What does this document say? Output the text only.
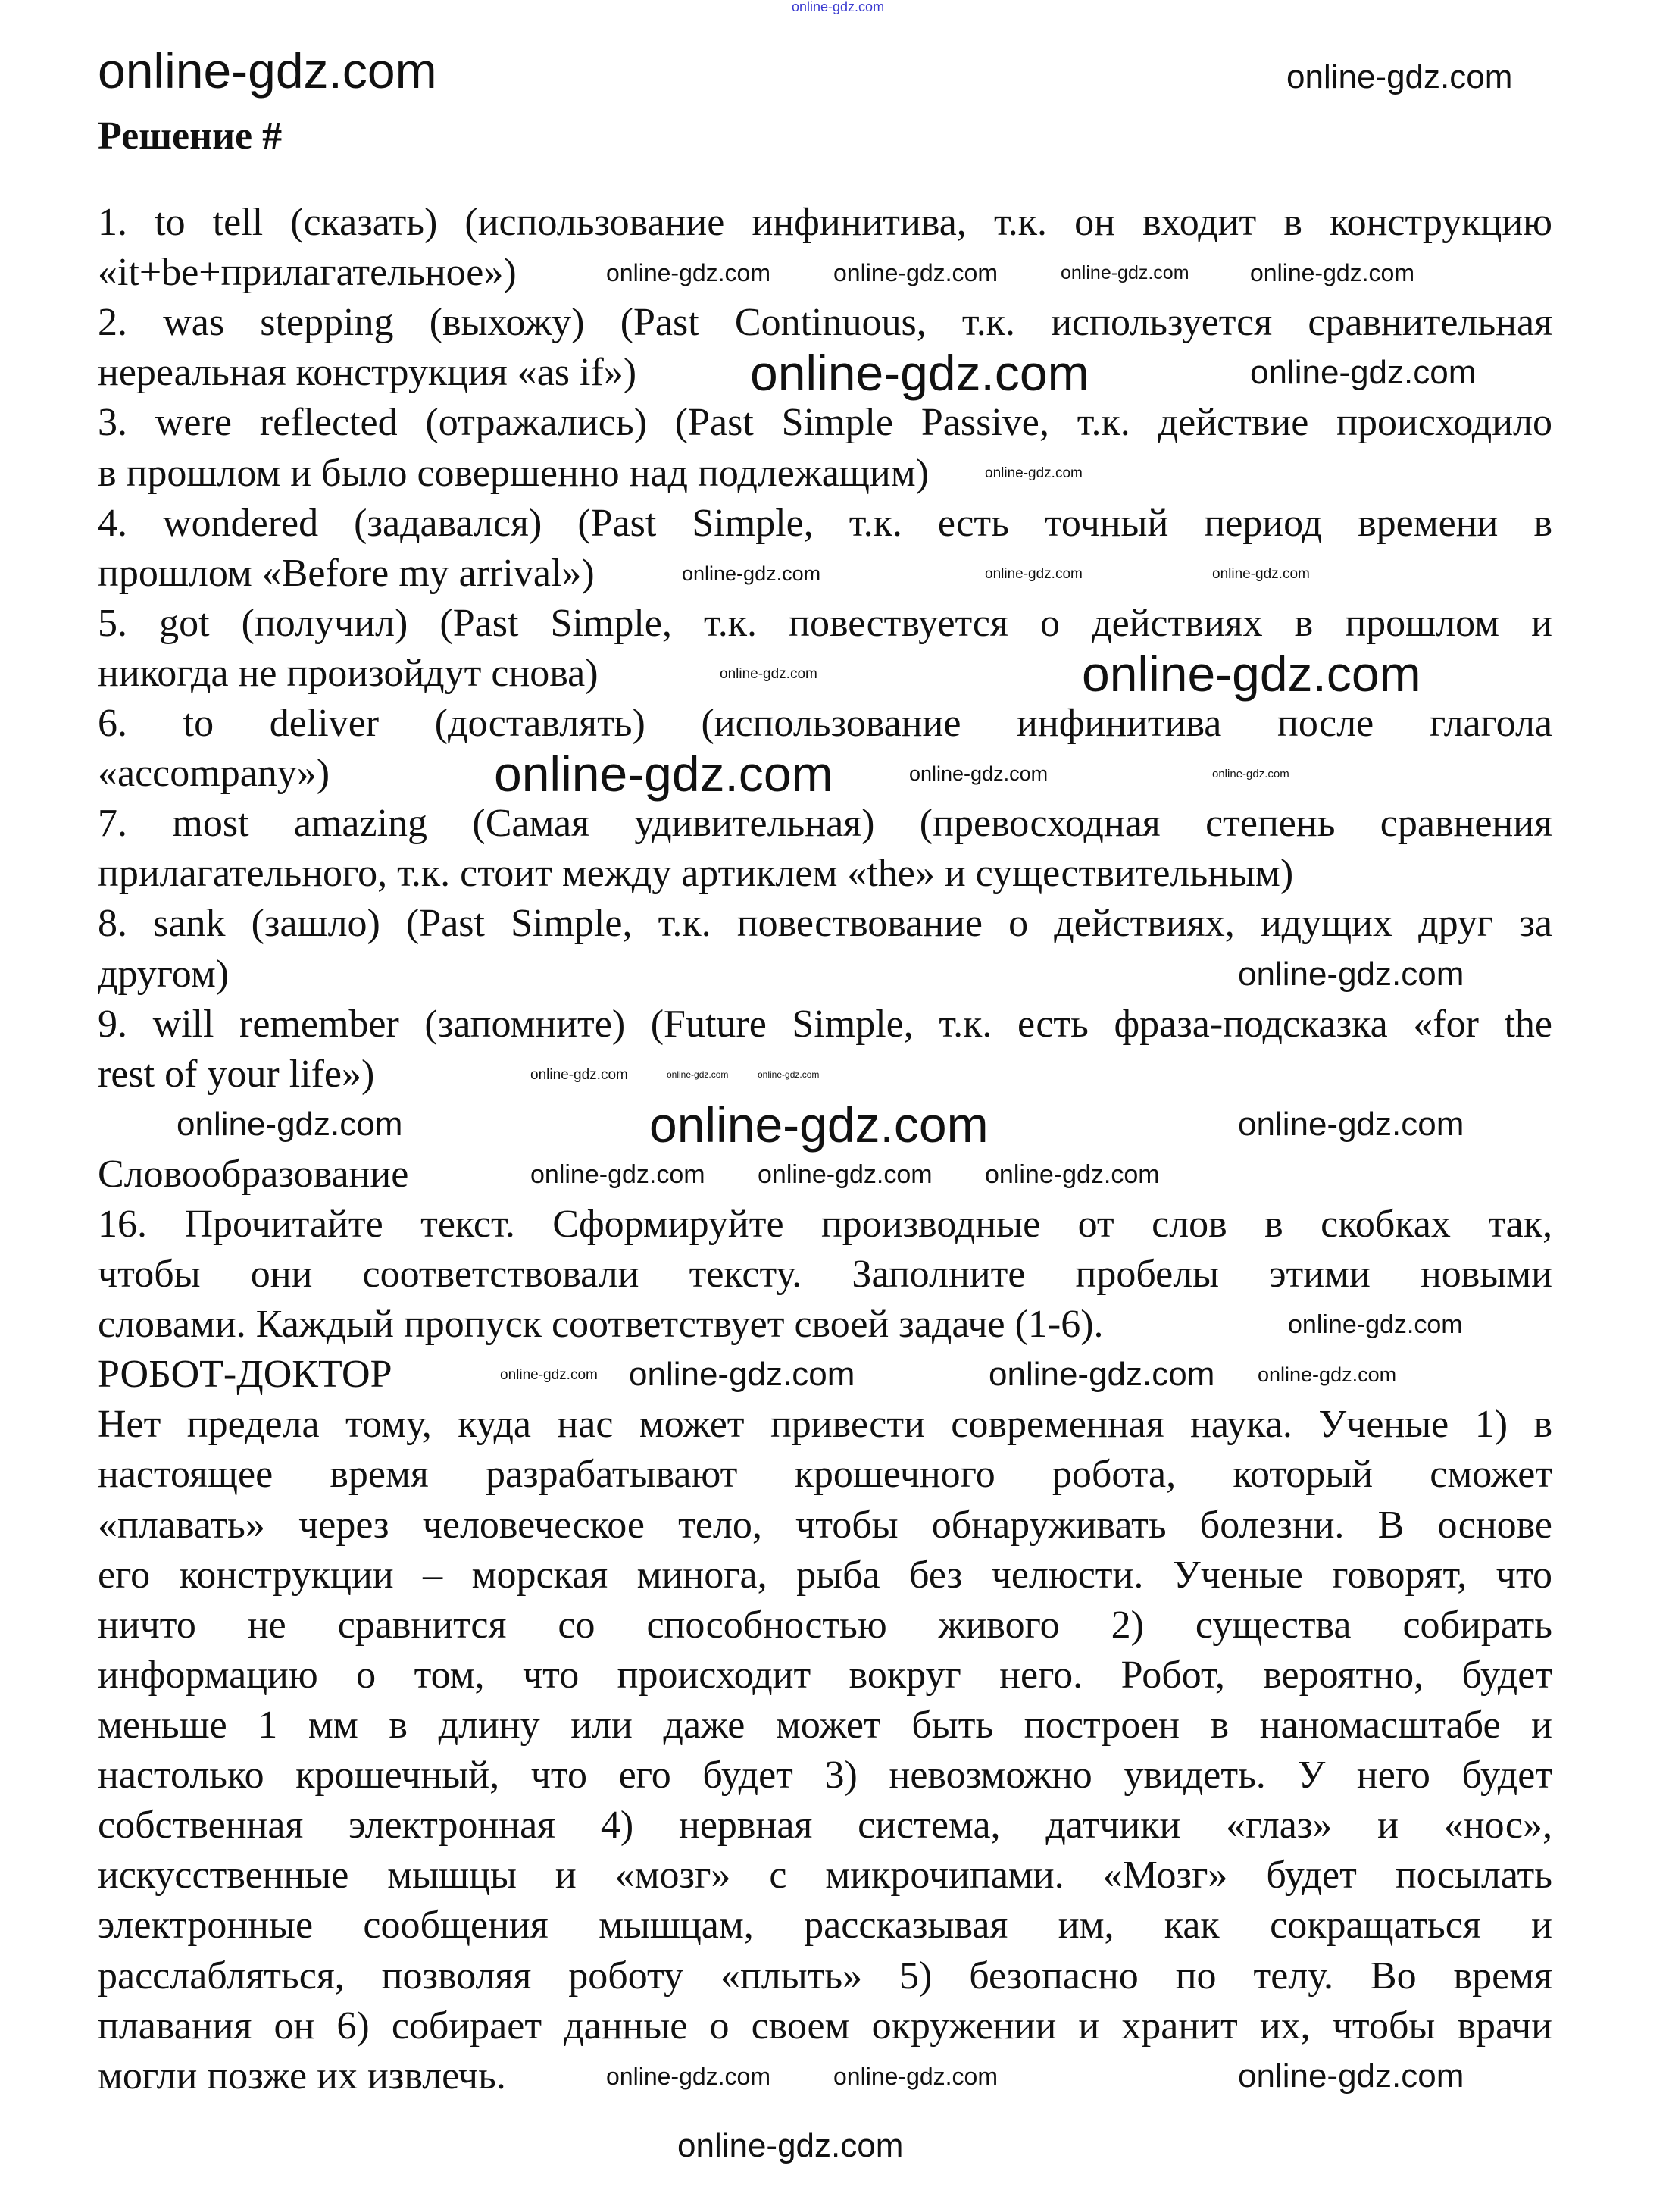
Решение #
1. to tell (сказать) (использование инфинитива, т.к. он входит в конструкцию
«it+be+прилагательное»)
2. was stepping (выхожу) (Past Continuous, т.к. используется сравнительная
нереальная конструкция «as if»)
3. were reflected (отражались) (Past Simple Passive, т.к. действие происходило
в прошлом и было совершенно над подлежащим)
4. wondered (задавался) (Past Simple, т.к. есть точный период времени в
прошлом «Before my arrival»)
5. got (получил) (Past Simple, т.к. повествуется о действиях в прошлом и
никогда не произойдут снова)
6. to deliver (доставлять) (использование инфинитива после глагола
«accompany»)
7. most amazing (Самая удивительная) (превосходная степень сравнения
прилагательного, т.к. стоит между артиклем «the» и существительным)
8. sank (зашло) (Past Simple, т.к. повествование о действиях, идущих друг за
другом)
9. will remember (запомните) (Future Simple, т.к. есть фраза-подсказка «for the
rest of your life»)
Словообразование
16. Прочитайте текст. Сформируйте производные от слов в скобках так,
чтобы они соответствовали тексту. Заполните пробелы этими новыми
словами. Каждый пропуск соответствует своей задаче (1-6).
РОБОТ-ДОКТОР
Нет предела тому, куда нас может привести современная наука. Ученые 1) в
настоящее время разрабатывают крошечного робота, который сможет
«плавать» через человеческое тело, чтобы обнаруживать болезни. В основе
его конструкции – морская минога, рыба без челюсти. Ученые говорят, что
ничто не сравнится со способностью живого 2) существа собирать
информацию о том, что происходит вокруг него. Робот, вероятно, будет
меньше 1 мм в длину или даже может быть построен в наномасштабе и
настолько крошечный, что его будет 3) невозможно увидеть. У него будет
собственная электронная 4) нервная система, датчики «глаз» и «нос»,
искусственные мышцы и «мозг» с микрочипами. «Мозг» будет посылать
электронные сообщения мышцам, рассказывая им, как сокращаться и
расслабляться, позволяя роботу «плыть» 5) безопасно по телу. Во время
плавания он 6) собирает данные о своем окружении и хранит их, чтобы врачи
могли позже их извлечь.
online-gdz.com
online-gdz.com	online-gdz.com
online-gdz.com	online-gdz.com
online-gdz.com
online-gdz.com
online-gdz.com
online-gdz.com
online-gdz.com	online-gdz.com
online-gdz.com
online-gdz.com
online-gdz.com	online-gdz.com
online-gdz.com
online-gdz.com	online-gdz.com
online-gdz.com	online-gdz.com
online-gdz.com	online-gdz.com	online-gdz.com
online-gdz.com online-gdz.com online-gdz.com
online-gdz.com	online-gdz.com	online-gdz.com	online-gdz.com
online-gdz.com
online-gdz.com
online-gdz.com
online-gdz.com
online-gdz.com
online-gdz.com
online-gdz.com
